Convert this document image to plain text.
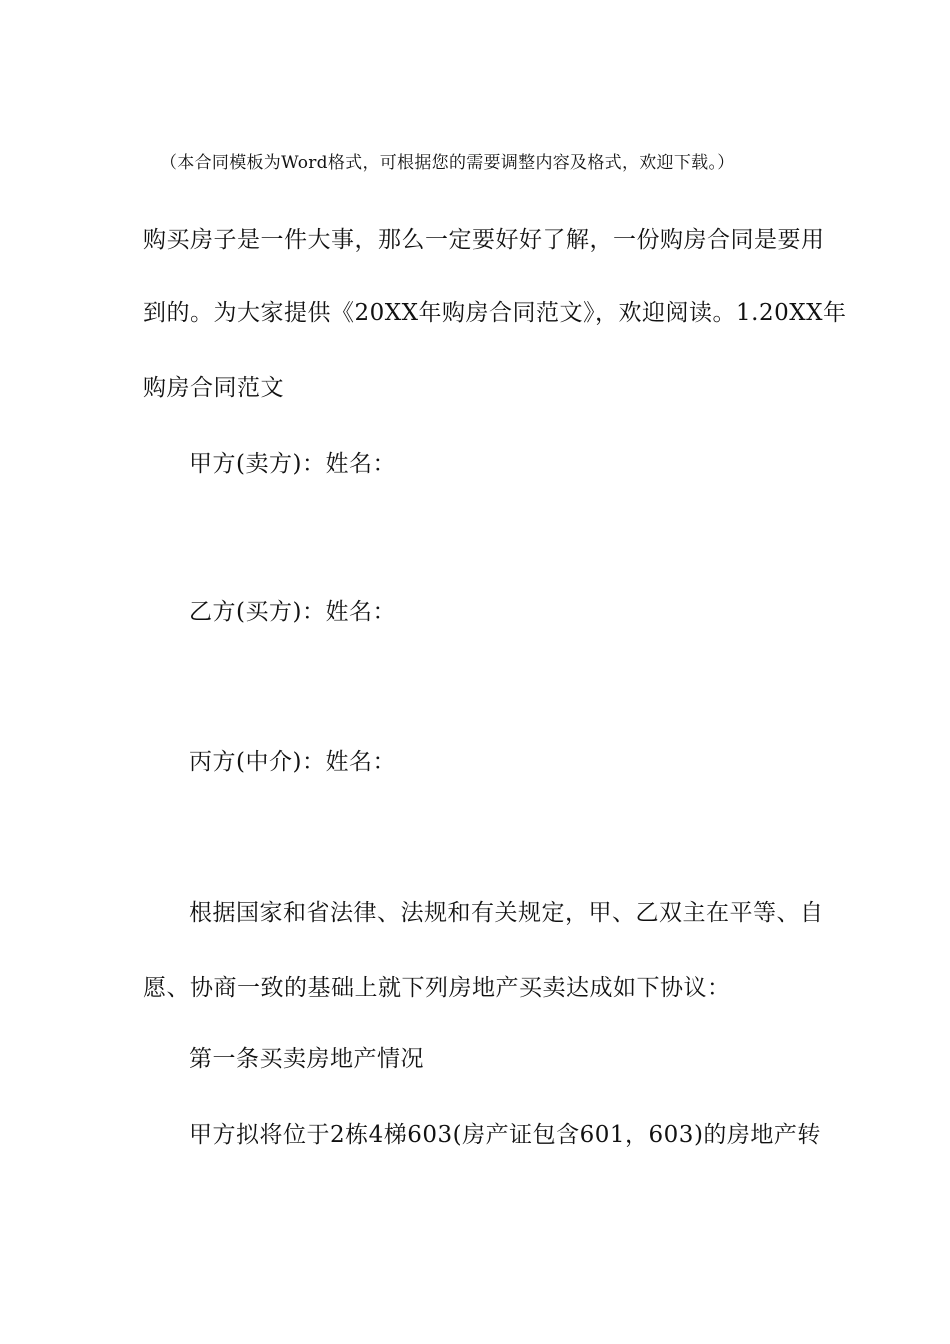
（本合同模板为Word格式，可根据您的需要调整内容及格式，欢迎下载。）
购买房子是一件大事，那么一定要好好了解，一份购房合同是要用
到的。为大家提供《20XX年购房合同范文》，欢迎阅读。1.20XX年
购房合同范文
甲方(卖方)：姓名：
乙方(买方)：姓名：
丙方(中介)：姓名：
根据国家和省法律、法规和有关规定，甲、乙双主在平等、自
愿、协商一致的基础上就下列房地产买卖达成如下协议：
第一条买卖房地产情况
甲方拟将位于2栋4梯603(房产证包含601，603)的房地产转
